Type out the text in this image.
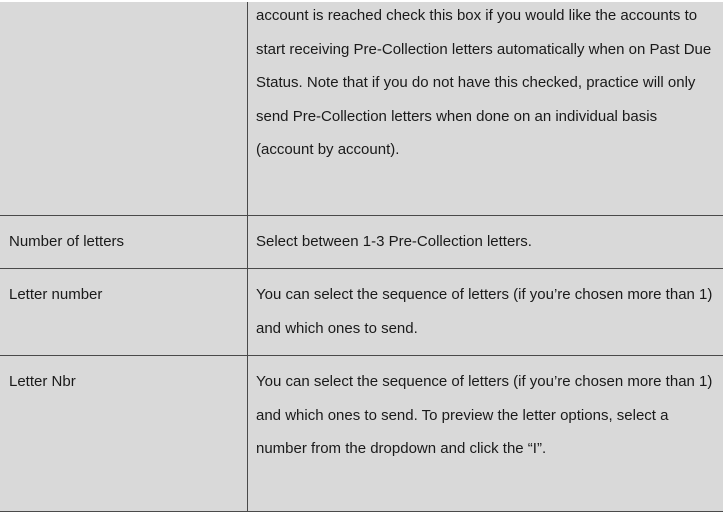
	account is reached check this box if you would like the accounts to start receiving Pre-Collection letters automatically when on Past Due Status. Note that if you do not have this checked, practice will only send Pre-Collection letters when done on an individual basis (account by account).

Number of letters	Select between 1-3 Pre-Collection letters.

Letter number	You can select the sequence of letters (if you’re chosen more than 1) and which ones to send.

Letter Nbr	You can select the sequence of letters (if you’re chosen more than 1) and which ones to send. To preview the letter options, select a number from the dropdown and click the “I”.
